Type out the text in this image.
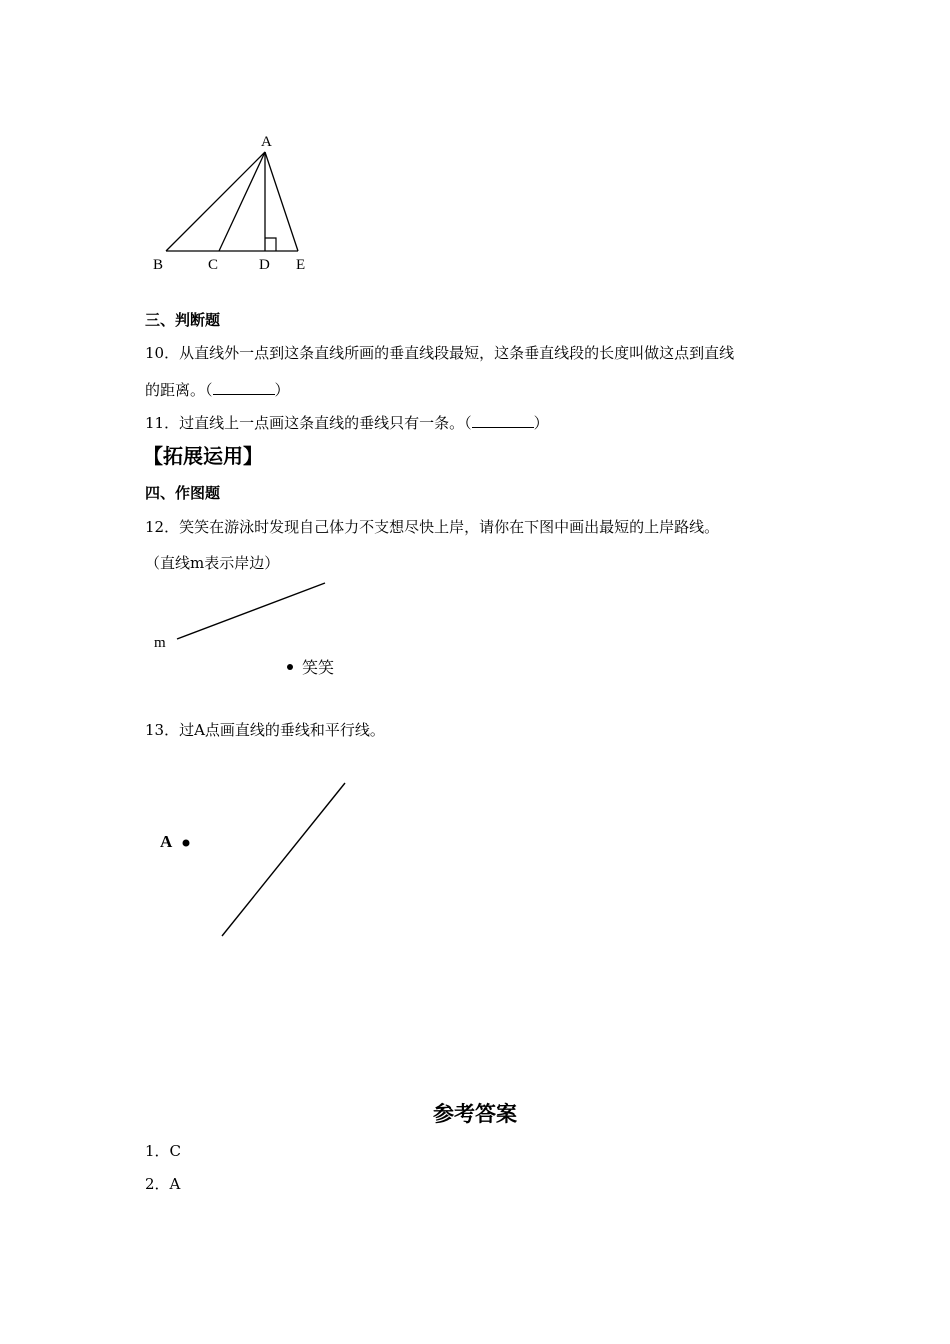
A
B	C	D E
三、判断题
10．从直线外一点到这条直线所画的垂直线段最短，这条垂直线段的长度叫做这点到直线
的距离。（	）
11．过直线上一点画这条直线的垂线只有一条。（	）
【拓展运用】
四、作图题
12．笑笑在游泳时发现自己体力不支想尽快上岸，请你在下图中画出最短的上岸路线。
（直线m表示岸边）
m
笑笑
13．过A点画直线的垂线和平行线。
A
参考答案
1．C
2．A
